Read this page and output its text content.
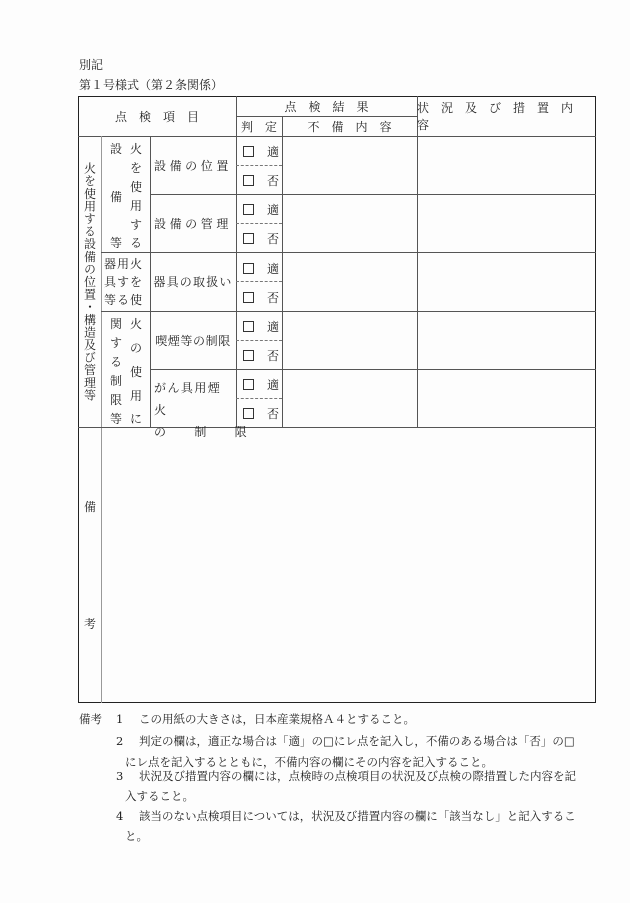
別記
第１号様式（第２条関係）
点　検　項　目
点　検　結　果
判　定	不　備　内　容
状　況　及　び　措　置　内　容
火を使用する設備の位置・構造及び管理等
設
備
等
火
を
使
用
す
る
器用火
具すを
等る使
関
す
る
制
限
等
火
の
使
用
に
設備の位置
設備の管理
器具の取扱い
喫煙等の制限
がん具用煙火
の　　制　　限
適
否
適
否
適
否
適
否
適
否
備
考
備考 1 この用紙の大きさは，日本産業規格Ａ４とすること。
2 判定の欄は，適正な場合は「適」の□にレ点を記入し，不備のある場合は「否」の□
にレ点を記入するとともに，不備内容の欄にその内容を記入すること。
3 状況及び措置内容の欄には，点検時の点検項目の状況及び点検の際措置した内容を記
入すること。
4 該当のない点検項目については，状況及び措置内容の欄に「該当なし」と記入するこ
と。
